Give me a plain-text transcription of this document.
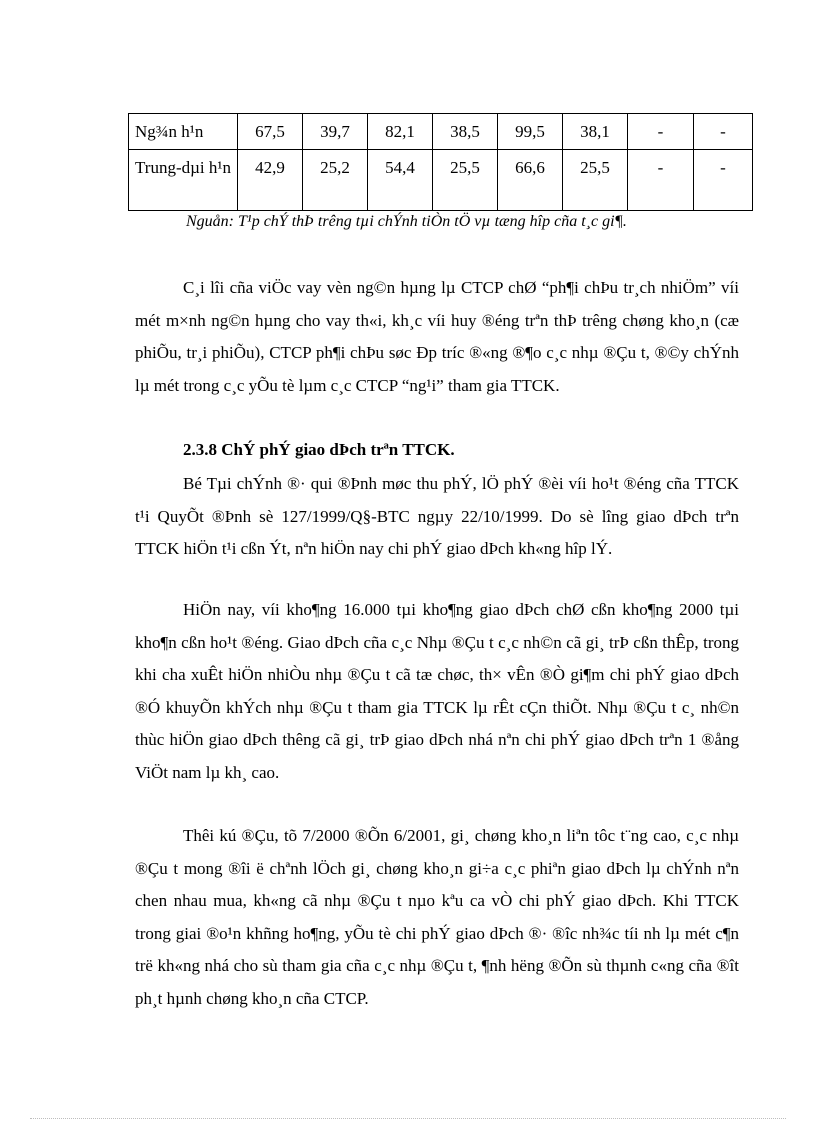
Ng¾n h¹n	67,5	39,7	82,1	38,5	99,5	38,1	-	-
Trung-dµi h¹n	42,9	25,2	54,4	25,5	66,6	25,5	-	-
Nguån: T¹p chÝ thÞ trêng tµi chÝnh tiÒn tÖ vµ tæng hîp cña t¸c gi¶.

C¸i lîi cña viÖc vay vèn ng©n hµng lµ CTCP chØ “ph¶i chÞu tr¸ch nhiÖm” víi mét m×nh ng©n hµng cho vay th«i, kh¸c víi huy ®éng trªn thÞ trêng chøng kho¸n (cæ phiÕu, tr¸i phiÕu), CTCP ph¶i chÞu søc Ðp tríc ®«ng ®¶o c¸c nhµ ®Çu t, ®©y chÝnh lµ mét trong c¸c yÕu tè lµm c¸c CTCP “ng¹i” tham gia TTCK.

2.3.8 ChÝ phÝ giao dÞch trªn TTCK.

Bé Tµi chÝnh ®· qui ®Þnh møc thu phÝ, lÖ phÝ ®èi víi ho¹t ®éng cña TTCK t¹i QuyÕt ®Þnh sè 127/1999/Q§-BTC ngµy 22/10/1999. Do sè lîng giao dÞch trªn TTCK hiÖn t¹i cßn Ýt, nªn hiÖn nay chi phÝ giao dÞch kh«ng hîp lÝ.

HiÖn nay, víi kho¶ng 16.000 tµi kho¶ng giao dÞch chØ cßn kho¶ng 2000 tµi kho¶n cßn ho¹t ®éng. Giao dÞch cña c¸c Nhµ ®Çu t c¸c nh©n cã gi¸ trÞ cßn thÊp, trong khi cha xuÊt hiÖn nhiÒu nhµ ®Çu t cã tæ chøc, th× vÊn ®Ò gi¶m chi phÝ giao dÞch ®Ó khuyÕn khÝch nhµ ®Çu t tham gia TTCK lµ rÊt cÇn thiÕt. Nhµ ®Çu t c¸ nh©n thùc hiÖn giao dÞch thêng cã gi¸ trÞ giao dÞch nhá nªn chi phÝ giao dÞch trªn 1 ®ång ViÖt nam lµ kh¸ cao.

Thêi kú ®Çu, tõ 7/2000 ®Õn 6/2001, gi¸ chøng kho¸n liªn tôc t¨ng cao, c¸c nhµ ®Çu t mong ®îi ë chªnh lÖch gi¸ chøng kho¸n gi÷a c¸c phiªn giao dÞch lµ chÝnh nªn chen nhau mua, kh«ng cã nhµ ®Çu t nµo kªu ca vÒ chi phÝ giao dÞch. Khi TTCK trong giai ®o¹n khñng ho¶ng, yÕu tè chi phÝ giao dÞch ®· ®îc nh¾c tíi nh lµ mét c¶n trë kh«ng nhá cho sù tham gia cña c¸c nhµ ®Çu t, ¶nh hëng ®Õn sù thµnh c«ng cña ®ît ph¸t hµnh chøng kho¸n cña CTCP.
